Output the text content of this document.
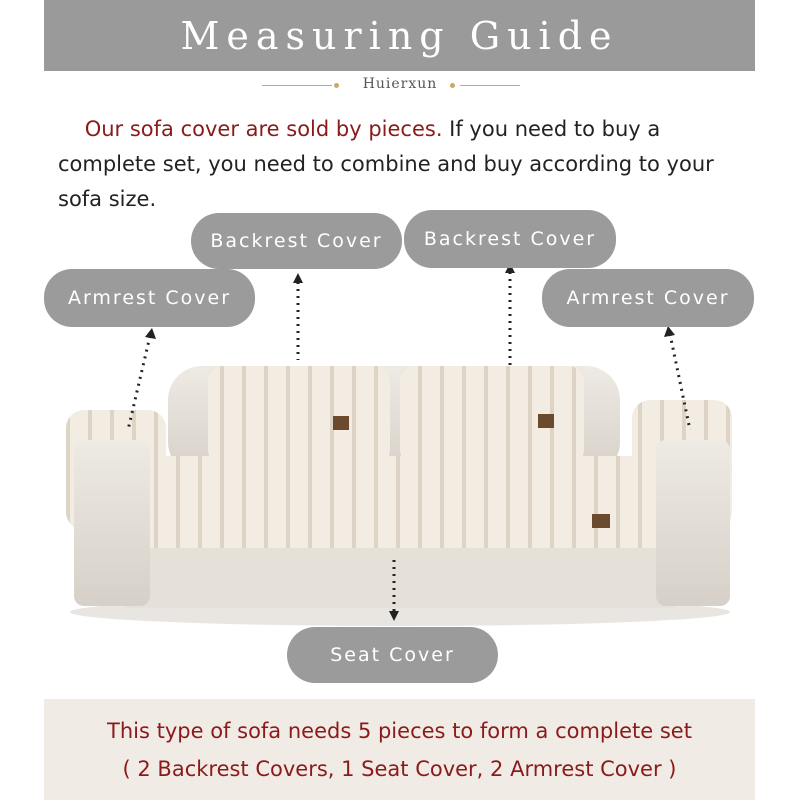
Measuring Guide
Huierxun
Our sofa cover are sold by pieces. If you need to buy a complete set, you need to combine and buy according to your sofa size.
Backrest Cover Backrest Cover
Armrest Cover	Armrest Cover
Seat Cover
This type of sofa needs 5 pieces to form a complete set
( 2 Backrest Covers, 1 Seat Cover, 2 Armrest Cover )
